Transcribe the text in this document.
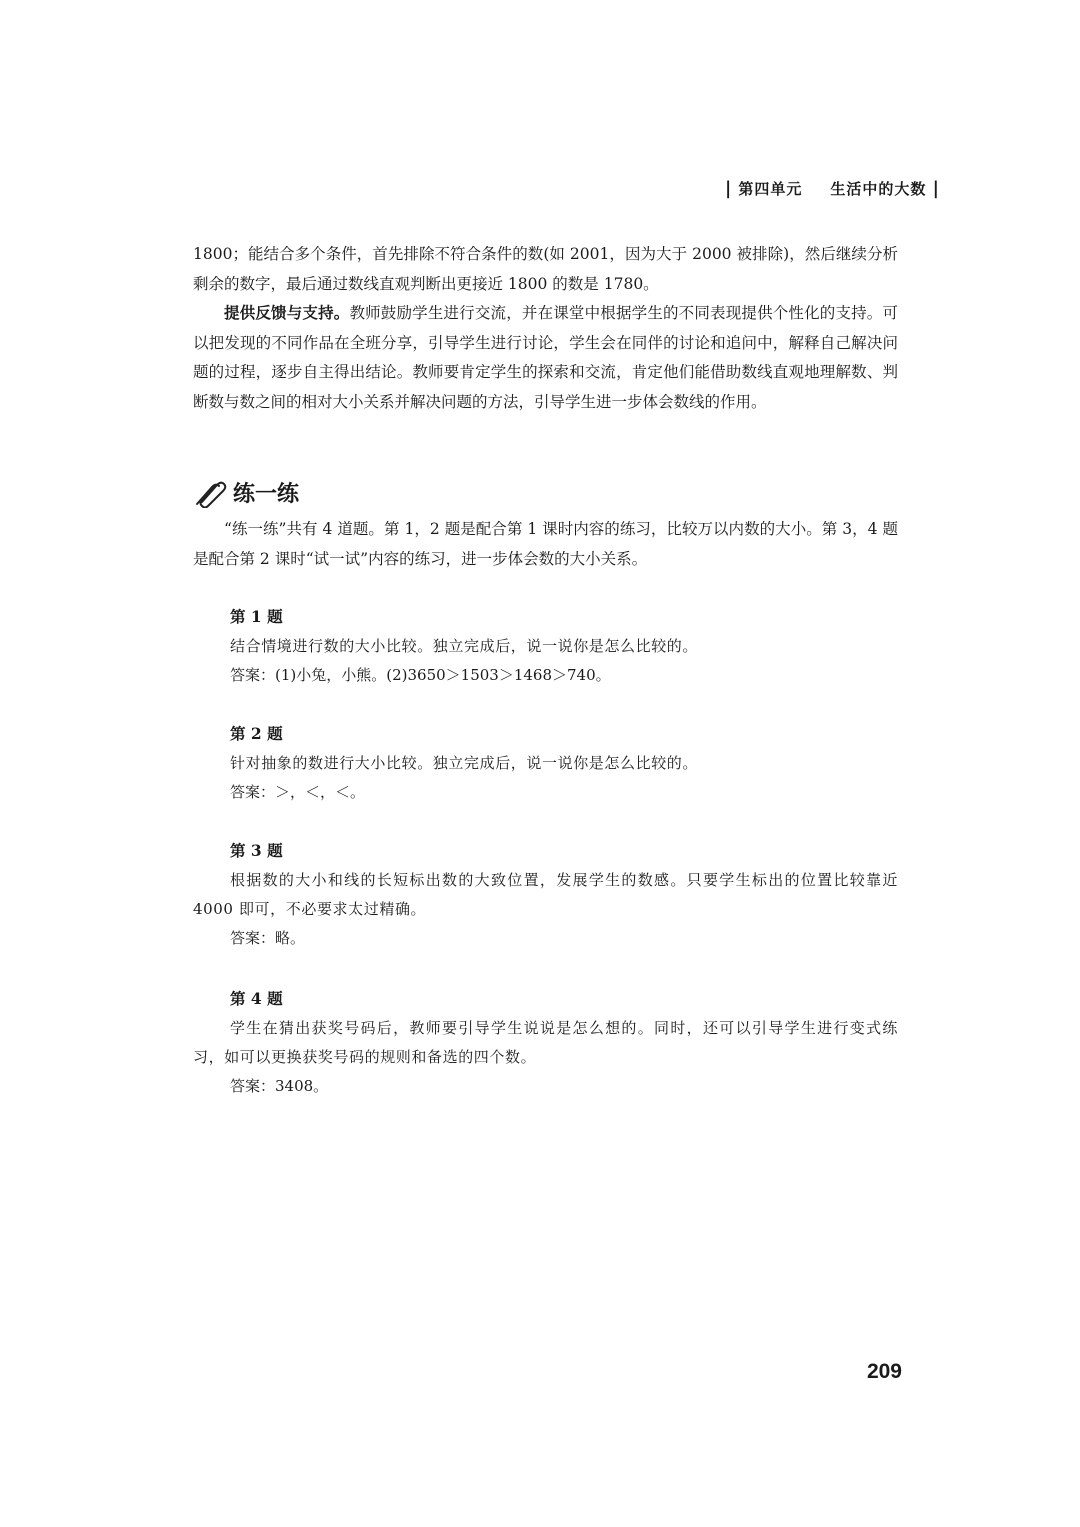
| 第四单元 生活中的大数 |
1800；能结合多个条件，首先排除不符合条件的数(如 2001，因为大于 2000 被排除)，然后继续分析剩余的数字，最后通过数线直观判断出更接近 1800 的数是 1780。
提供反馈与支持。教师鼓励学生进行交流，并在课堂中根据学生的不同表现提供个性化的支持。可以把发现的不同作品在全班分享，引导学生进行讨论，学生会在同伴的讨论和追问中，解释自己解决问题的过程，逐步自主得出结论。教师要肯定学生的探索和交流，肯定他们能借助数线直观地理解数、判断数与数之间的相对大小关系并解决问题的方法，引导学生进一步体会数线的作用。
练一练
“练一练”共有 4 道题。第 1，2 题是配合第 1 课时内容的练习，比较万以内数的大小。第 3，4 题是配合第 2 课时“试一试”内容的练习，进一步体会数的大小关系。
第 1 题
结合情境进行数的大小比较。独立完成后，说一说你是怎么比较的。
答案：(1)小兔，小熊。(2)3650＞1503＞1468＞740。
第 2 题
针对抽象的数进行大小比较。独立完成后，说一说你是怎么比较的。
答案：＞，＜，＜。
第 3 题
根据数的大小和线的长短标出数的大致位置，发展学生的数感。只要学生标出的位置比较靠近 4000 即可，不必要求太过精确。
答案：略。
第 4 题
学生在猜出获奖号码后，教师要引导学生说说是怎么想的。同时，还可以引导学生进行变式练习，如可以更换获奖号码的规则和备选的四个数。
答案：3408。
209
